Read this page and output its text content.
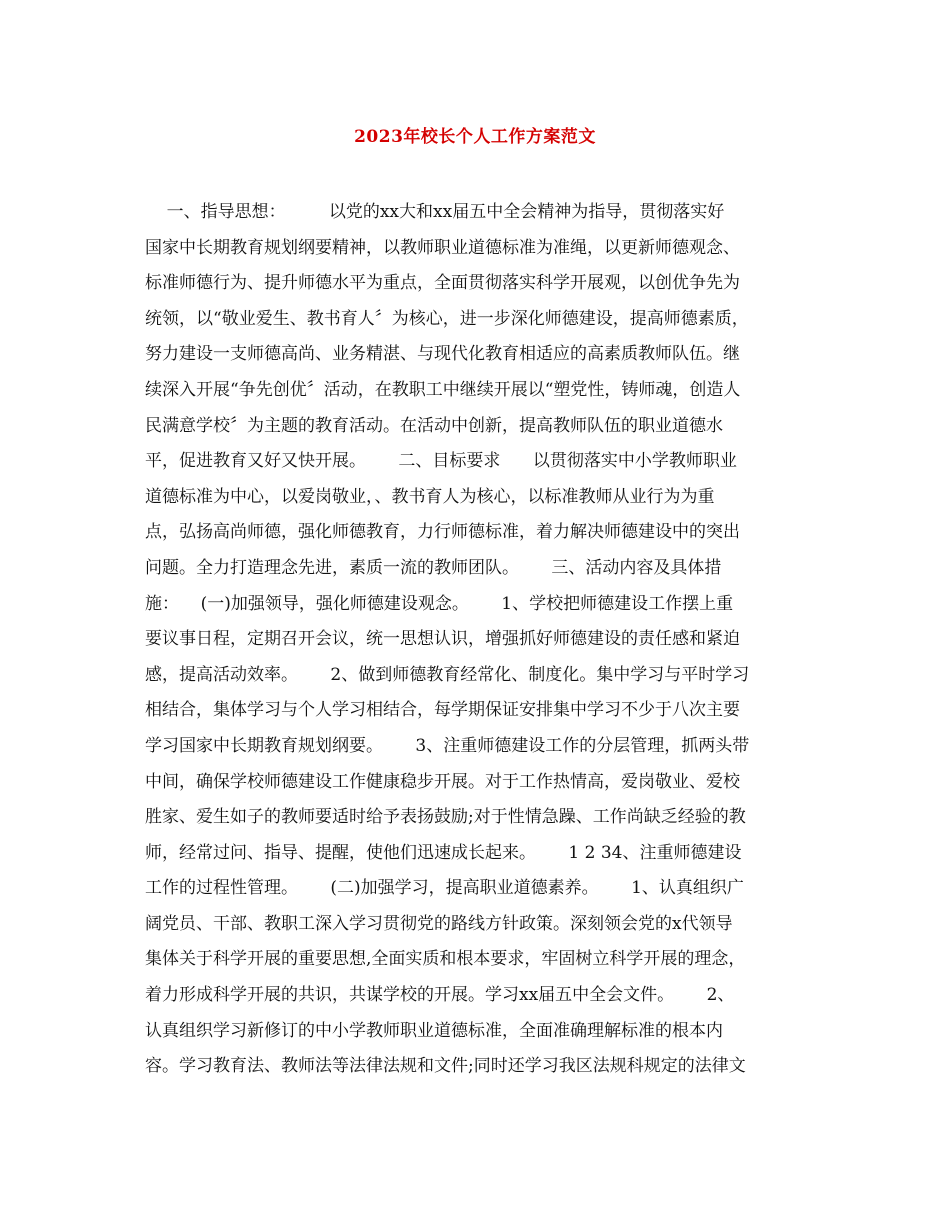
2023年校长个人工作方案范文
一、指导思想：        以党的xx大和xx届五中全会精神为指导，贯彻落实好
国家中长期教育规划纲要精神，以教师职业道德标准为准绳，以更新师德观念、
标准师德行为、提升师德水平为重点，全面贯彻落实科学开展观，以创优争先为
统领，以“敬业爱生、教书育人〞为核心，进一步深化师德建设，提高师德素质，
努力建设一支师德高尚、业务精湛、与现代化教育相适应的高素质教师队伍。继
续深入开展“争先创优〞活动，在教职工中继续开展以“塑党性，铸师魂，创造人
民满意学校〞为主题的教育活动。在活动中创新，提高教师队伍的职业道德水
平，促进教育又好又快开展。      二、目标要求      以贯彻落实中小学教师职业
道德标准为中心，以爱岗敬业，、教书育人为核心，以标准教师从业行为为重
点，弘扬高尚师德，强化师德教育，力行师德标准，着力解决师德建设中的突出
问题。全力打造理念先进，素质一流的教师团队。      三、活动内容及具体措
施：    (一)加强领导，强化师德建设观念。      1、学校把师德建设工作摆上重
要议事日程，定期召开会议，统一思想认识，增强抓好师德建设的责任感和紧迫
感，提高活动效率。      2、做到师德教育经常化、制度化。集中学习与平时学习
相结合，集体学习与个人学习相结合，每学期保证安排集中学习不少于八次主要
学习国家中长期教育规划纲要。      3、注重师德建设工作的分层管理，抓两头带
中间，确保学校师德建设工作健康稳步开展。对于工作热情高，爱岗敬业、爱校
胜家、爱生如子的教师要适时给予表扬鼓励;对于性情急躁、工作尚缺乏经验的教
师，经常过问、指导、提醒，使他们迅速成长起来。      1 2 34、注重师德建设
工作的过程性管理。      (二)加强学习，提高职业道德素养。      1、认真组织广
阔党员、干部、教职工深入学习贯彻党的路线方针政策。深刻领会党的x代领导
集体关于科学开展的重要思想,全面实质和根本要求，牢固树立科学开展的理念，
着力形成科学开展的共识，共谋学校的开展。学习xx届五中全会文件。      2、
认真组织学习新修订的中小学教师职业道德标准，全面准确理解标准的根本内
容。学习教育法、教师法等法律法规和文件;同时还学习我区法规科规定的法律文
